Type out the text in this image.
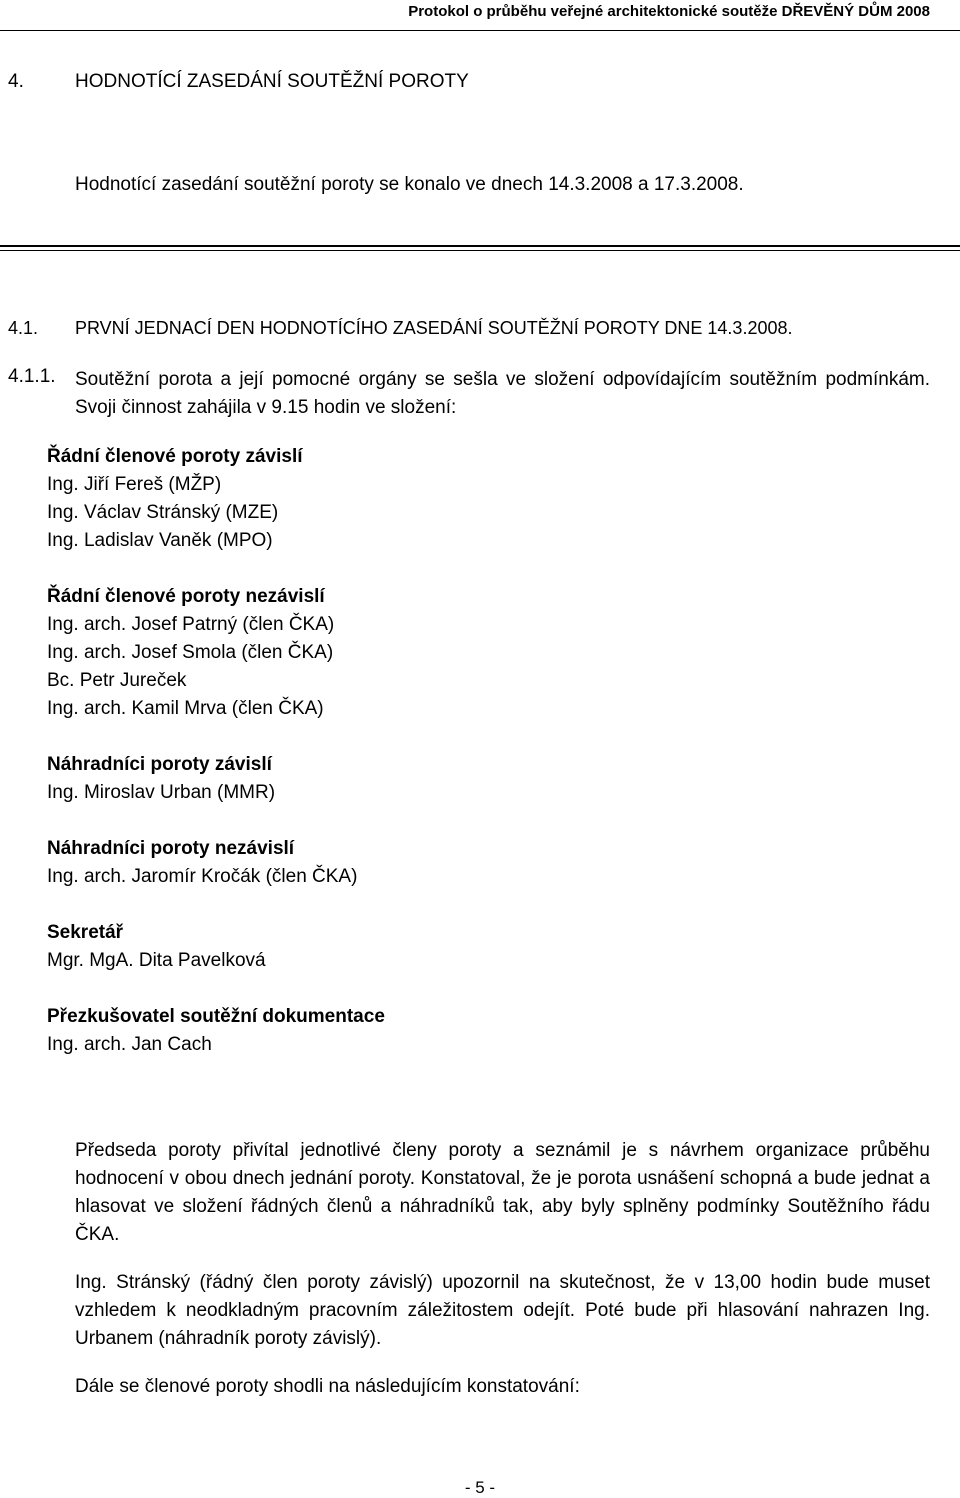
Protokol o průběhu veřejné architektonické soutěže DŘEVĚNÝ DŮM 2008
4.	HODNOTÍCÍ ZASEDÁNÍ SOUTĚŽNÍ POROTY
Hodnotící zasedání soutěžní poroty se konalo ve dnech 14.3.2008 a 17.3.2008.
4.1. PRVNÍ JEDNACÍ DEN HODNOTÍCÍHO ZASEDÁNÍ SOUTĚŽNÍ POROTY DNE 14.3.2008.
4.1.1. Soutěžní porota a její pomocné orgány se sešla ve složení odpovídajícím soutěžním podmínkám. Svoji činnost zahájila v 9.15 hodin ve složení:
Řádní členové poroty závislí
Ing. Jiří Fereš (MŽP)
Ing. Václav Stránský (MZE)
Ing. Ladislav Vaněk (MPO)
Řádní členové poroty nezávislí
Ing. arch. Josef Patrný (člen ČKA)
Ing. arch. Josef Smola (člen ČKA)
Bc. Petr Jureček
Ing. arch. Kamil Mrva (člen ČKA)
Náhradníci poroty závislí
Ing. Miroslav Urban (MMR)
Náhradníci poroty nezávislí
Ing. arch. Jaromír Kročák (člen ČKA)
Sekretář
Mgr. MgA. Dita Pavelková
Přezkušovatel soutěžní dokumentace
Ing. arch. Jan Cach
Předseda poroty přivítal jednotlivé členy poroty a seznámil je s návrhem organizace průběhu hodnocení v obou dnech jednání poroty. Konstatoval, že je porota usnášení schopná a bude jednat a hlasovat ve složení řádných členů a náhradníků tak, aby byly splněny podmínky Soutěžního řádu ČKA.
Ing. Stránský (řádný člen poroty závislý) upozornil na skutečnost, že v 13,00 hodin bude muset vzhledem k neodkladným pracovním záležitostem odejít. Poté bude při hlasování nahrazen Ing. Urbanem (náhradník poroty závislý).
Dále se členové poroty shodli na následujícím konstatování:
- 5 -
